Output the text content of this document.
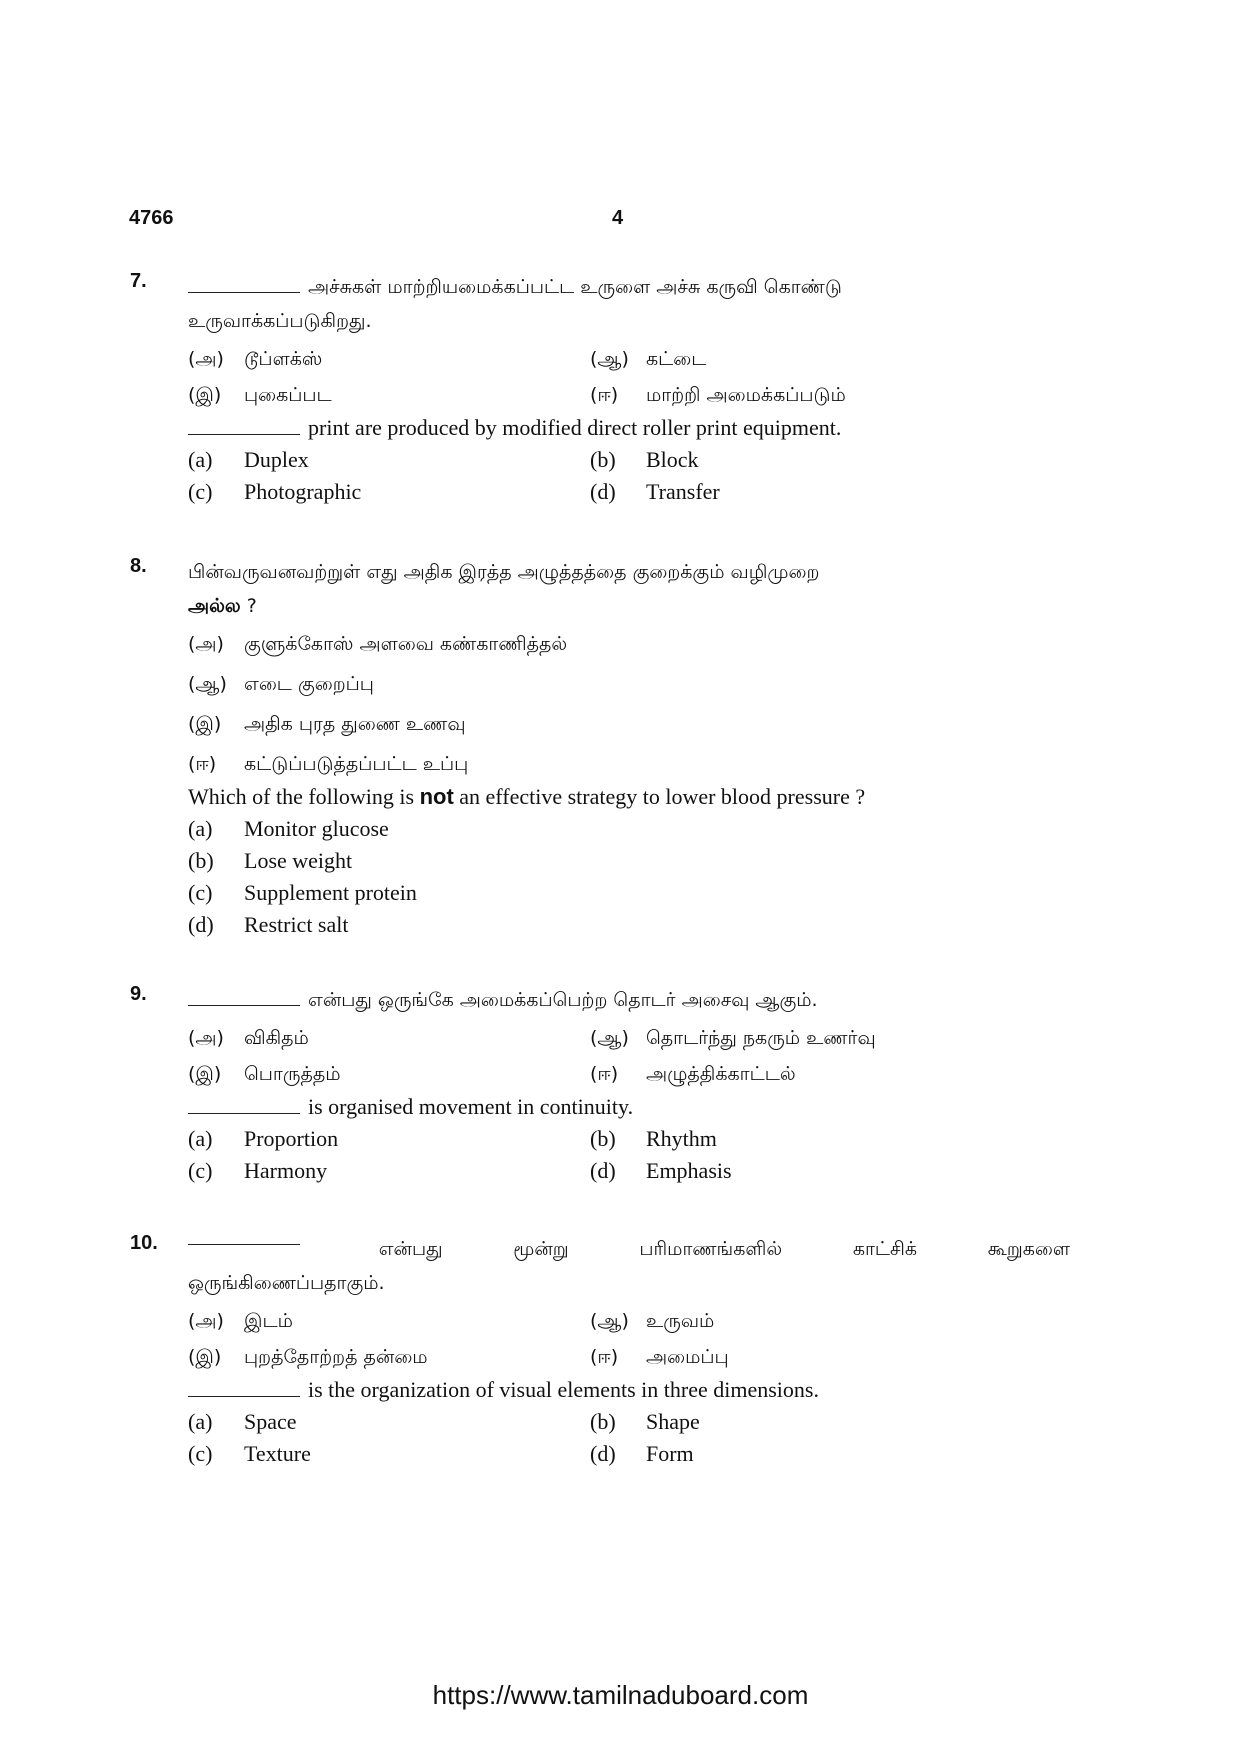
4766	4
7.	அச்சுகள் மாற்றியமைக்கப்பட்ட உருளை அச்சு கருவி கொண்டு
உருவாக்கப்படுகிறது.
(அ)	டூப்ளக்ஸ்	(ஆ) கட்டை
(இ)	புகைப்பட	(ஈ)	மாற்றி அமைக்கப்படும்
print are produced by modified direct roller print equipment.
(a)	Duplex	(b)	Block
(c)	Photographic	(d)	Transfer
8. பின்வருவனவற்றுள் எது அதிக இரத்த அழுத்தத்தை குறைக்கும் வழிமுறை
அல்ல ?
(அ)	குளுக்கோஸ் அளவை கண்காணித்தல்
(ஆ) எடை குறைப்பு
(இ)	அதிக புரத துணை உணவு
(ஈ)	கட்டுப்படுத்தப்பட்ட உப்பு
Which of the following is not an effective strategy to lower blood pressure ?
(a)	Monitor glucose
(b)	Lose weight
(c)	Supplement protein
(d)	Restrict salt
9.	என்பது ஒருங்கே அமைக்கப்பெற்ற தொடர் அசைவு ஆகும்.
(அ)	விகிதம்	(ஆ) தொடர்ந்து நகரும் உணர்வு
(இ)	பொருத்தம்	(ஈ)	அழுத்திக்காட்டல்
is organised movement in continuity.
(a)	Proportion	(b)	Rhythm
(c)	Harmony	(d)	Emphasis
10.	என்பது	மூன்று	பரிமாணங்களில்	காட்சிக்	கூறுகளை
ஒருங்கிணைப்பதாகும்.
(அ)	இடம்	(ஆ) உருவம்
(இ)	புறத்தோற்றத் தன்மை	(ஈ)	அமைப்பு
is the organization of visual elements in three dimensions.
(a)	Space	(b)	Shape
(c)	Texture	(d)	Form
https://www.tamilnaduboard.com
